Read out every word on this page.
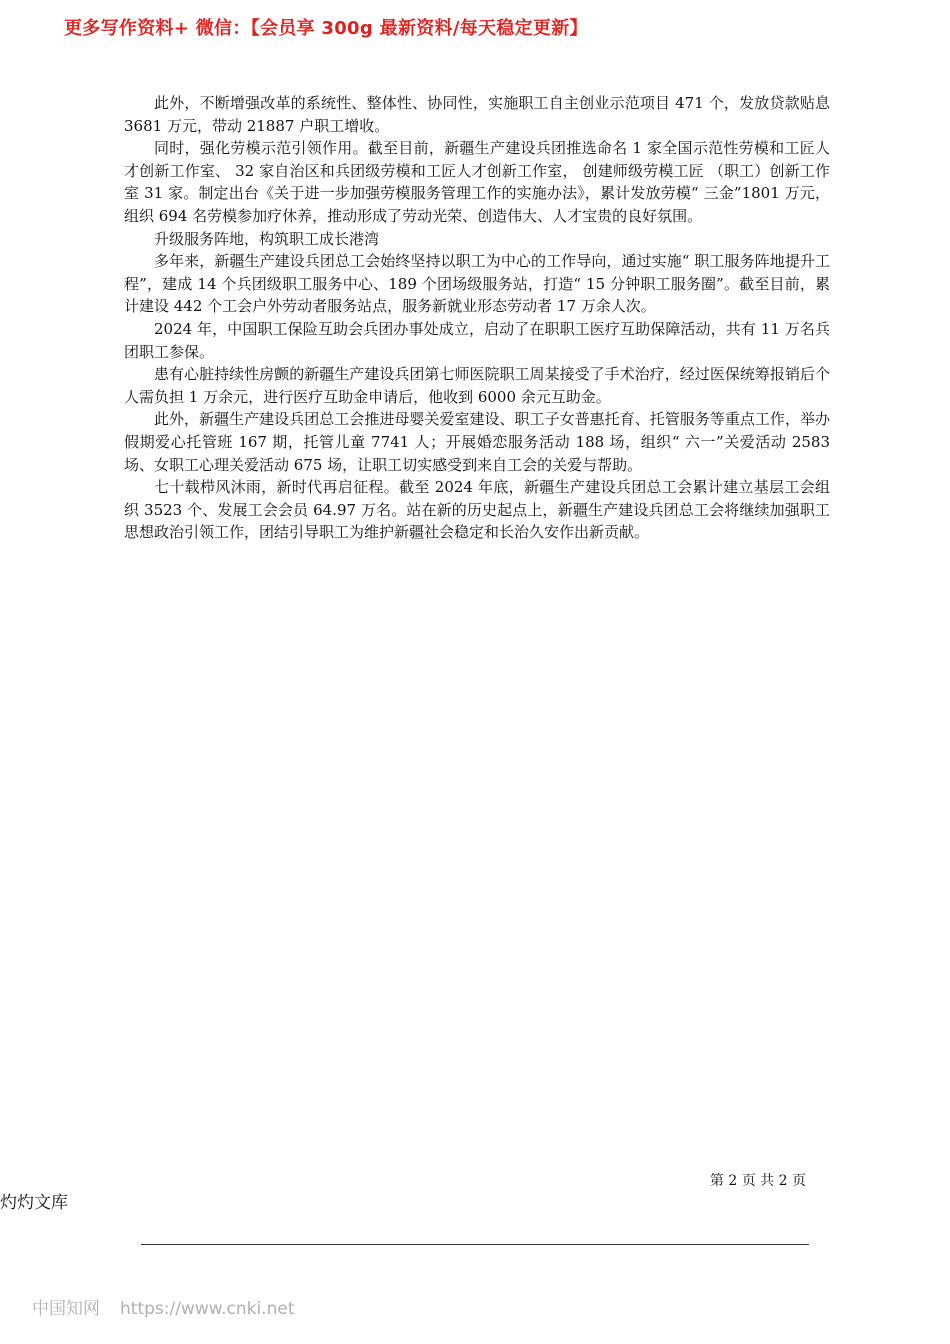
更多写作资料+ 微信：【会员享 300g 最新资料/每天稳定更新】

此外，不断增强改革的系统性、整体性、协同性，实施职工自主创业示范项目 471 个，发放贷款贴息 3681 万元，带动 21887 户职工增收。

同时，强化劳模示范引领作用。截至目前，新疆生产建设兵团推选命名 1 家全国示范性劳模和工匠人才创新工作室、 32 家自治区和兵团级劳模和工匠人才创新工作室， 创建师级劳模工匠 （职工）创新工作室 31 家。制定出台《关于进一步加强劳模服务管理工作的实施办法》，累计发放劳模“ 三金”1801 万元，组织 694 名劳模参加疗休养，推动形成了劳动光荣、创造伟大、人才宝贵的良好氛围。

升级服务阵地，构筑职工成长港湾

多年来，新疆生产建设兵团总工会始终坚持以职工为中心的工作导向，通过实施“ 职工服务阵地提升工程”，建成 14 个兵团级职工服务中心、189 个团场级服务站，打造“ 15 分钟职工服务圈”。截至目前，累计建设 442 个工会户外劳动者服务站点，服务新就业形态劳动者 17 万余人次。

2024 年，中国职工保险互助会兵团办事处成立，启动了在职职工医疗互助保障活动，共有 11 万名兵团职工参保。

患有心脏持续性房颤的新疆生产建设兵团第七师医院职工周某接受了手术治疗，经过医保统筹报销后个人需负担 1 万余元，进行医疗互助金申请后，他收到 6000 余元互助金。

此外，新疆生产建设兵团总工会推进母婴关爱室建设、职工子女普惠托育、托管服务等重点工作，举办假期爱心托管班 167 期，托管儿童 7741 人；开展婚恋服务活动 188 场，组织“ 六一”关爱活动 2583 场、女职工心理关爱活动 675 场，让职工切实感受到来自工会的关爱与帮助。

七十载栉风沐雨，新时代再启征程。截至 2024 年底，新疆生产建设兵团总工会累计建立基层工会组织 3523 个、发展工会会员 64.97 万名。站在新的历史起点上，新疆生产建设兵团总工会将继续加强职工思想政治引领工作，团结引导职工为维护新疆社会稳定和长治久安作出新贡献。

第 2 页 共 2 页
灼灼文库
中国知网 https://www.cnki.net
